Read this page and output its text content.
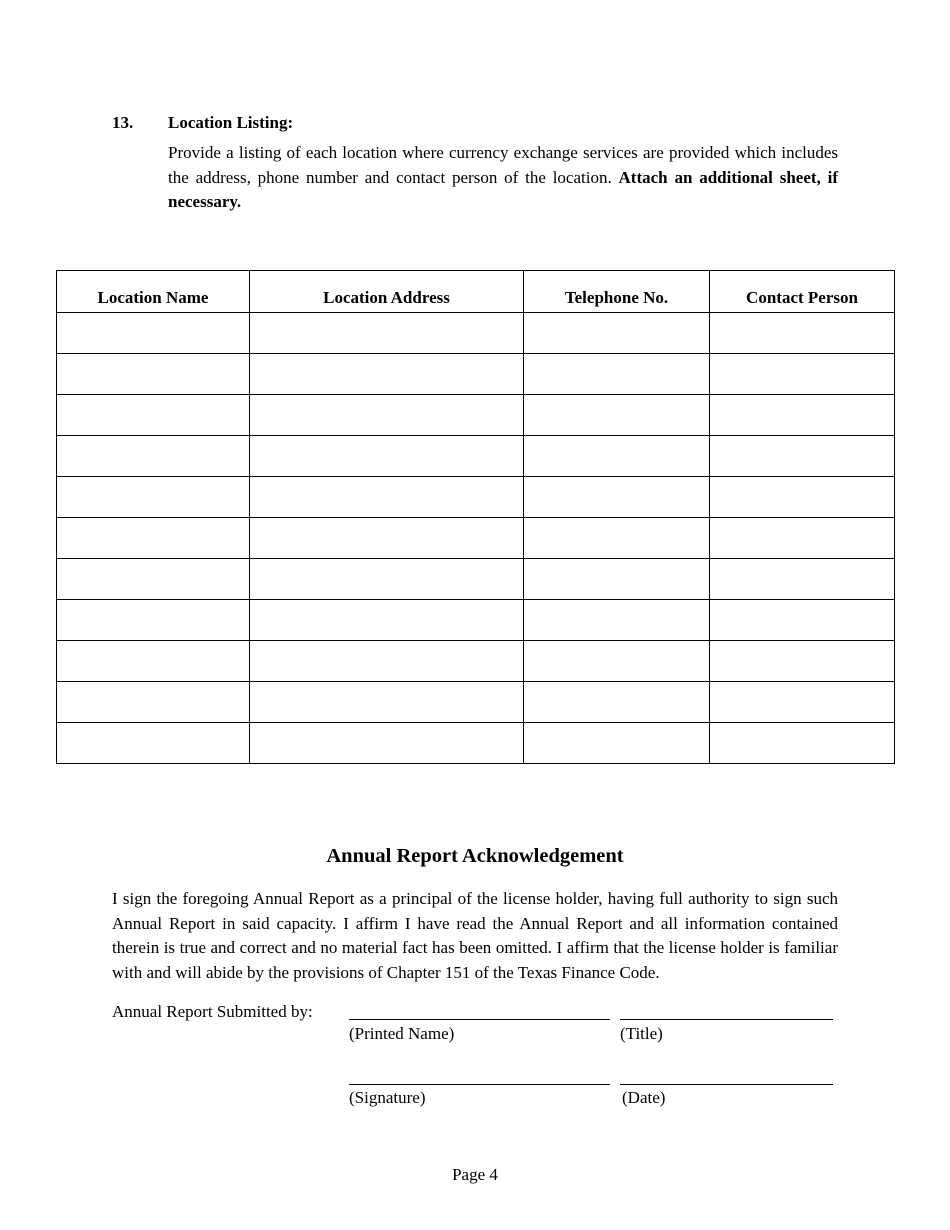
13. Location Listing:
Provide a listing of each location where currency exchange services are provided which includes the address, phone number and contact person of the location. Attach an additional sheet, if necessary.
Location Name	Location Address	Telephone No.	Contact Person

Annual Report Acknowledgement
I sign the foregoing Annual Report as a principal of the license holder, having full authority to sign such Annual Report in said capacity. I affirm I have read the Annual Report and all information contained therein is true and correct and no material fact has been omitted. I affirm that the license holder is familiar with and will abide by the provisions of Chapter 151 of the Texas Finance Code.
Annual Report Submitted by:
(Printed Name)	(Title)
(Signature)	(Date)
Page 4
